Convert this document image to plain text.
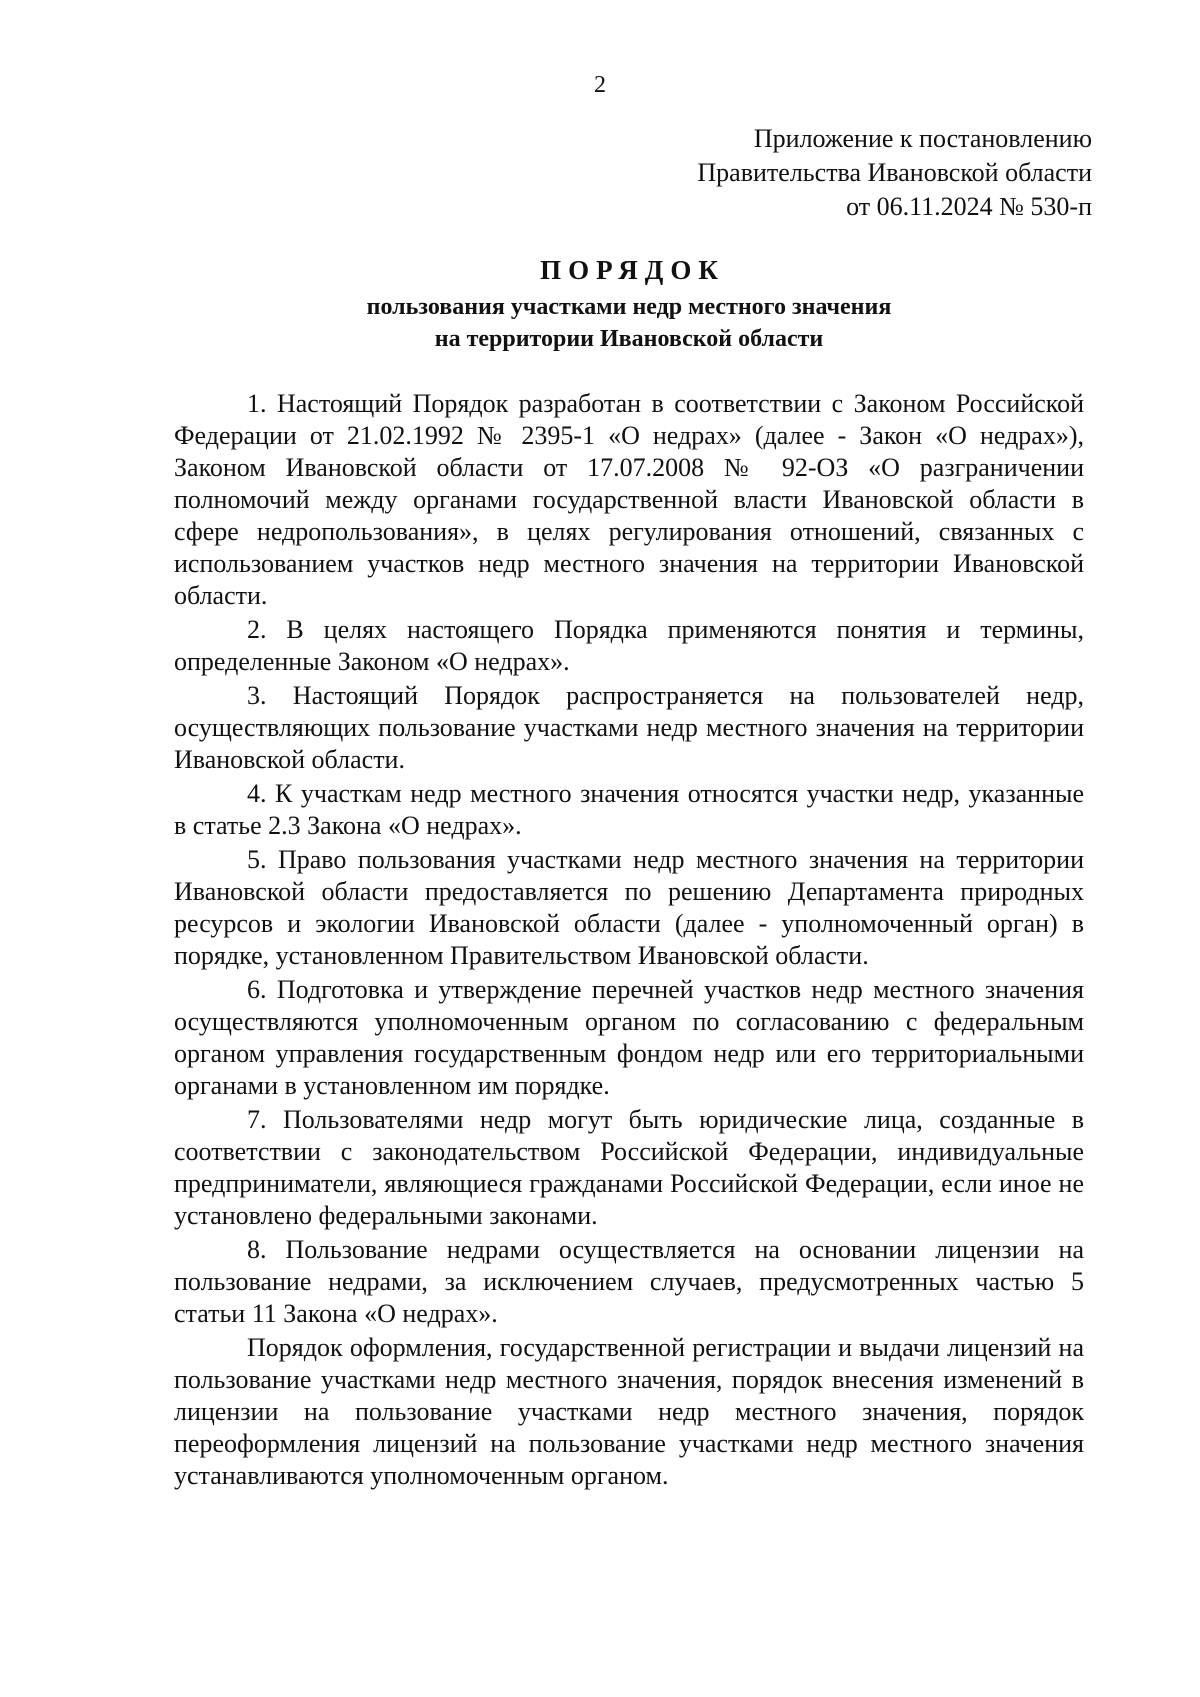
2
Приложение к постановлению
Правительства Ивановской области
от 06.11.2024 № 530-п
ПОРЯДОК
пользования участками недр местного значения
на территории Ивановской области

1. Настоящий Порядок разработан в соответствии с Законом Российской Федерации от 21.02.1992 № 2395-1 «О недрах» (далее - Закон «О недрах»), Законом Ивановской области от 17.07.2008 № 92-ОЗ «О разграничении полномочий между органами государственной власти Ивановской области в сфере недропользования», в целях регулирования отношений, связанных с использованием участков недр местного значения на территории Ивановской области.

2. В целях настоящего Порядка применяются понятия и термины, определенные Законом «О недрах».

3. Настоящий Порядок распространяется на пользователей недр, осуществляющих пользование участками недр местного значения на территории Ивановской области.

4. К участкам недр местного значения относятся участки недр, указанные в статье 2.3 Закона «О недрах».

5. Право пользования участками недр местного значения на территории Ивановской области предоставляется по решению Департамента природных ресурсов и экологии Ивановской области (далее - уполномоченный орган) в порядке, установленном Правительством Ивановской области.

6. Подготовка и утверждение перечней участков недр местного значения осуществляются уполномоченным органом по согласованию с федеральным органом управления государственным фондом недр или его территориальными органами в установленном им порядке.

7. Пользователями недр могут быть юридические лица, созданные в соответствии с законодательством Российской Федерации, индивидуальные предприниматели, являющиеся гражданами Российской Федерации, если иное не установлено федеральными законами.

8. Пользование недрами осуществляется на основании лицензии на пользование недрами, за исключением случаев, предусмотренных частью 5 статьи 11 Закона «О недрах».

Порядок оформления, государственной регистрации и выдачи лицензий на пользование участками недр местного значения, порядок внесения изменений в лицензии на пользование участками недр местного значения, порядок переоформления лицензий на пользование участками недр местного значения устанавливаются уполномоченным органом.
